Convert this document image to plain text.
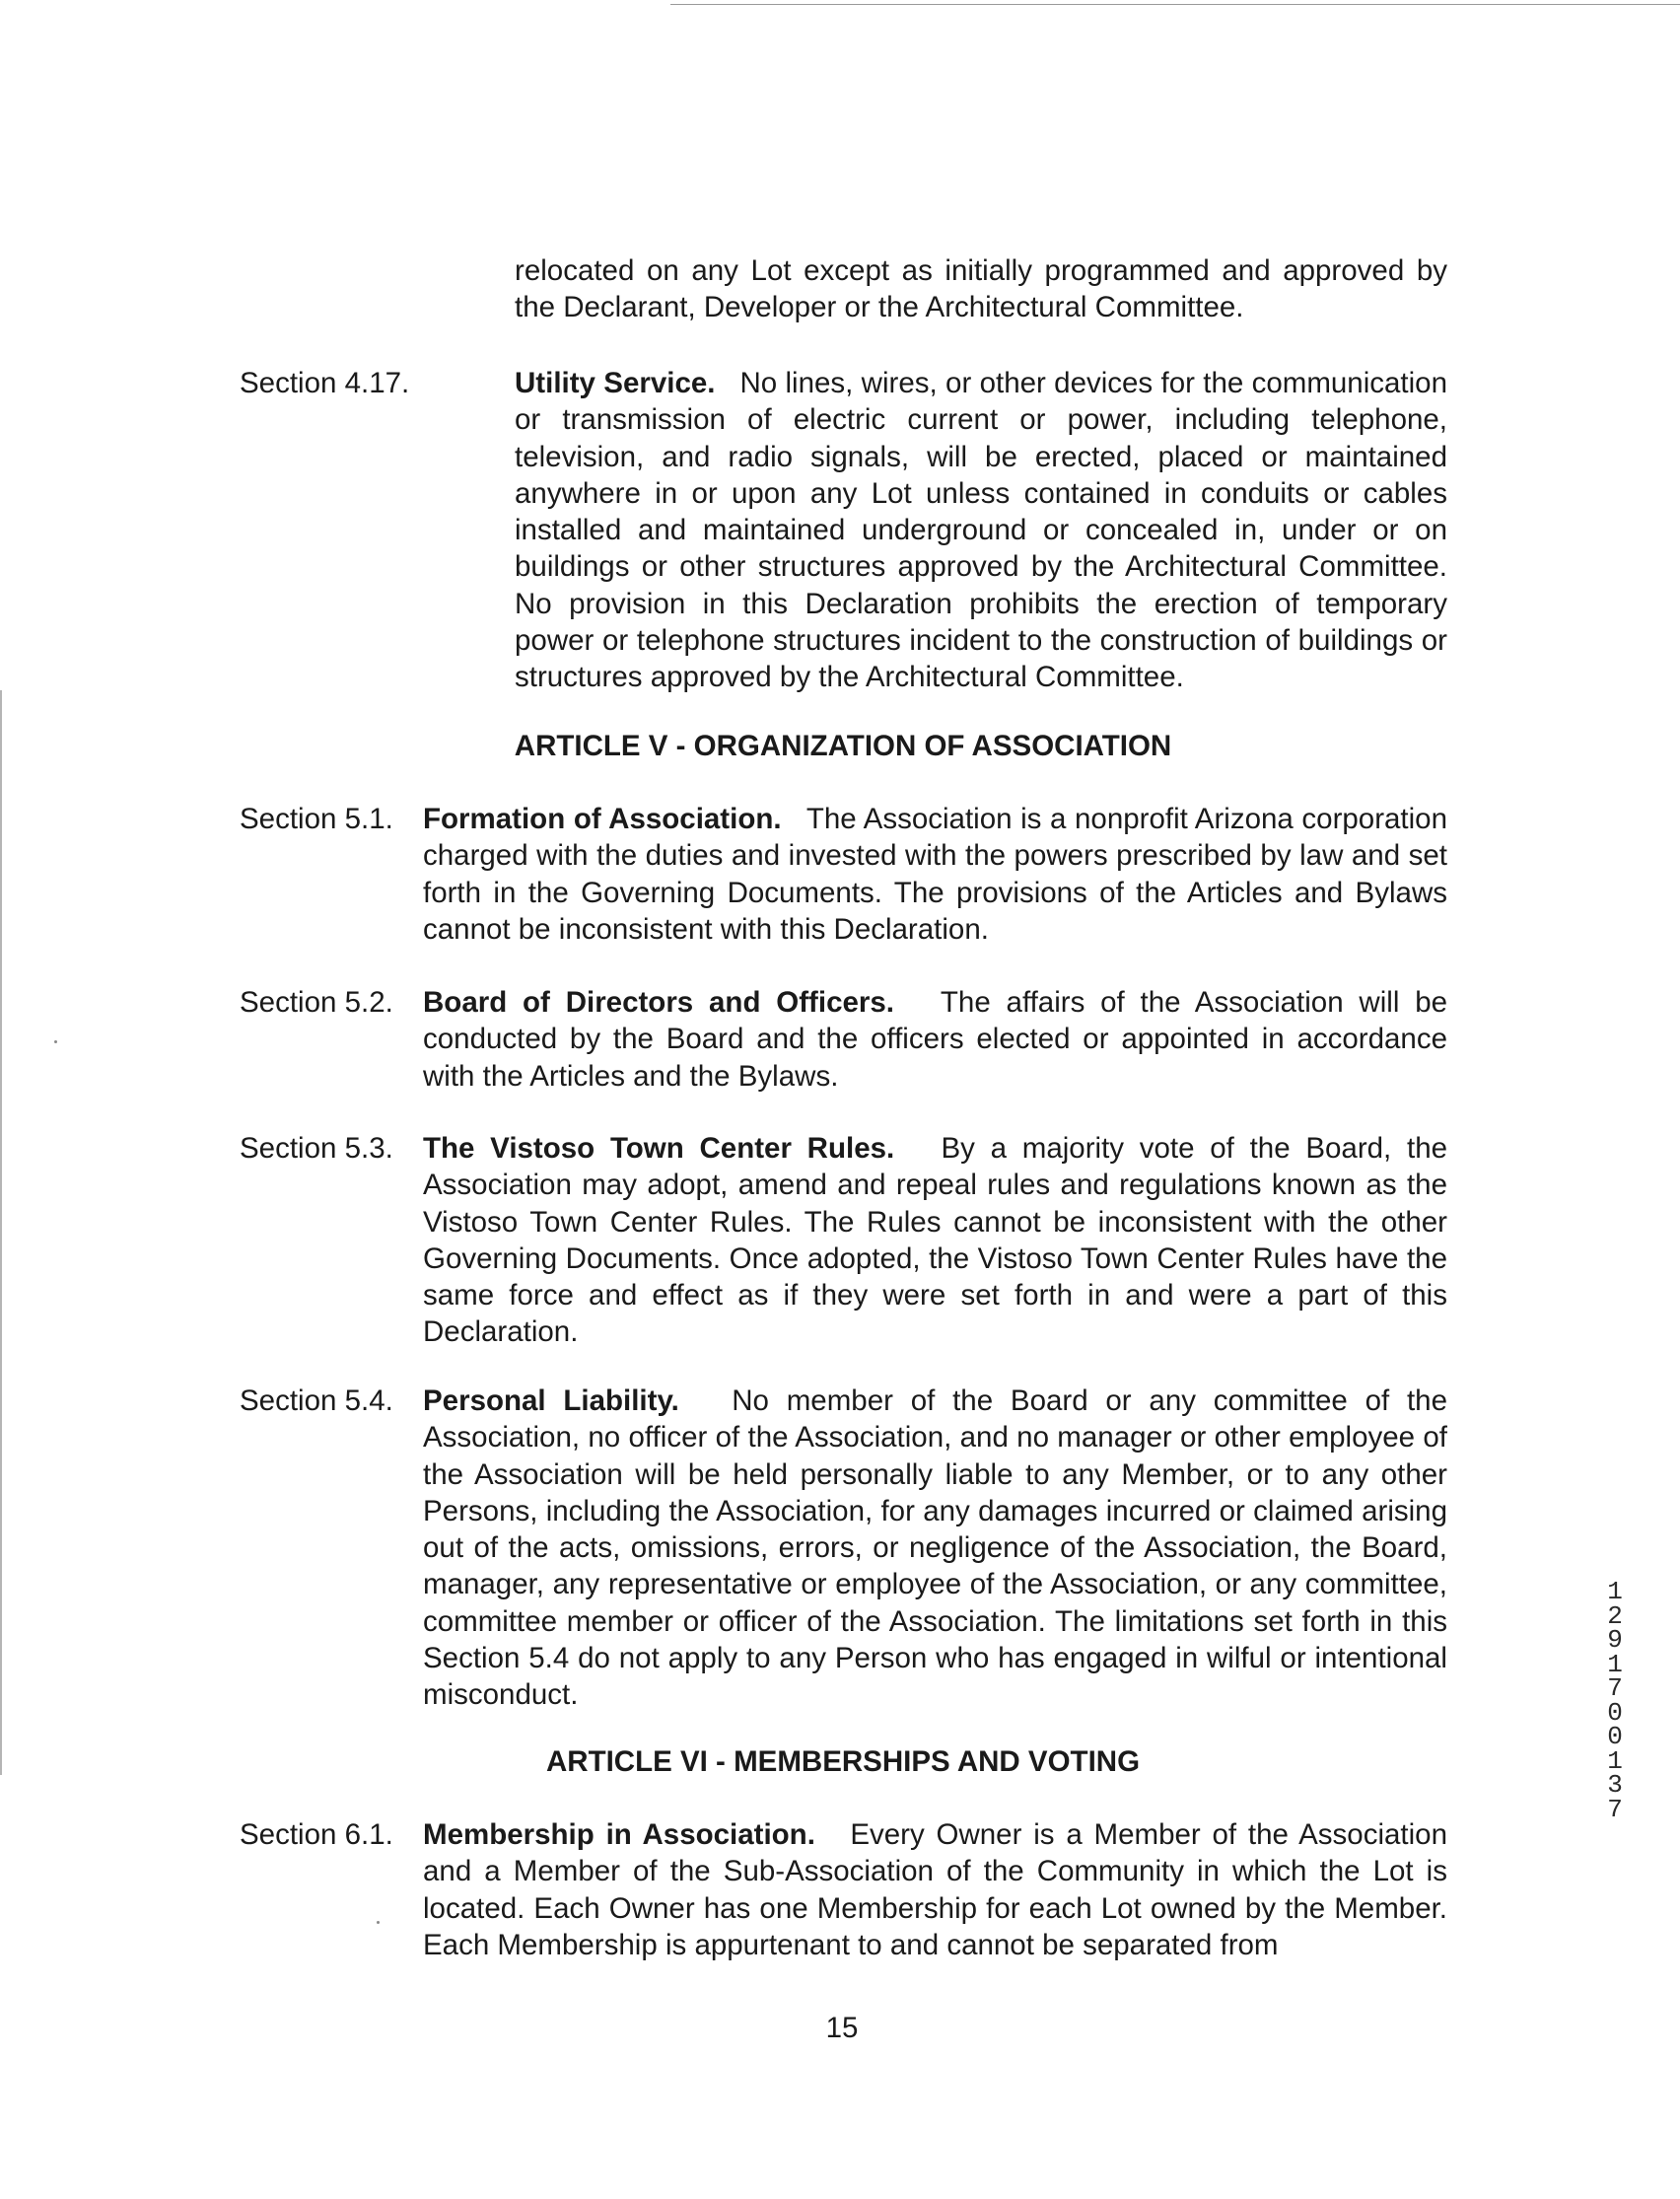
relocated on any Lot except as initially programmed and approved by the Declarant, Developer or the Architectural Committee.
Section 4.17.	Utility Service. No lines, wires, or other devices for the communication or transmission of electric current or power, including telephone, television, and radio signals, will be erected, placed or maintained anywhere in or upon any Lot unless contained in conduits or cables installed and maintained underground or concealed in, under or on buildings or other structures approved by the Architectural Committee. No provision in this Declaration prohibits the erection of temporary power or telephone structures incident to the construction of buildings or structures approved by the Architectural Committee.
ARTICLE V - ORGANIZATION OF ASSOCIATION
Section 5.1. Formation of Association. The Association is a nonprofit Arizona corporation charged with the duties and invested with the powers prescribed by law and set forth in the Governing Documents. The provisions of the Articles and Bylaws cannot be inconsistent with this Declaration.
Section 5.2. Board of Directors and Officers. The affairs of the Association will be conducted by the Board and the officers elected or appointed in accordance with the Articles and the Bylaws.
Section 5.3. The Vistoso Town Center Rules. By a majority vote of the Board, the Association may adopt, amend and repeal rules and regulations known as the Vistoso Town Center Rules. The Rules cannot be inconsistent with the other Governing Documents. Once adopted, the Vistoso Town Center Rules have the same force and effect as if they were set forth in and were a part of this Declaration.
Section 5.4. Personal Liability. No member of the Board or any committee of the Association, no officer of the Association, and no manager or other employee of the Association will be held personally liable to any Member, or to any other Persons, including the Association, for any damages incurred or claimed arising out of the acts, omissions, errors, or negligence of the Association, the Board, manager, any representative or employee of the Association, or any committee, committee member or officer of the Association. The limitations set forth in this Section 5.4 do not apply to any Person who has engaged in wilful or intentional misconduct.
ARTICLE VI - MEMBERSHIPS AND VOTING
Section 6.1. Membership in Association. Every Owner is a Member of the Association and a Member of the Sub-Association of the Community in which the Lot is located. Each Owner has one Membership for each Lot owned by the Member. Each Membership is appurtenant to and cannot be separated from
15
12917 00137
